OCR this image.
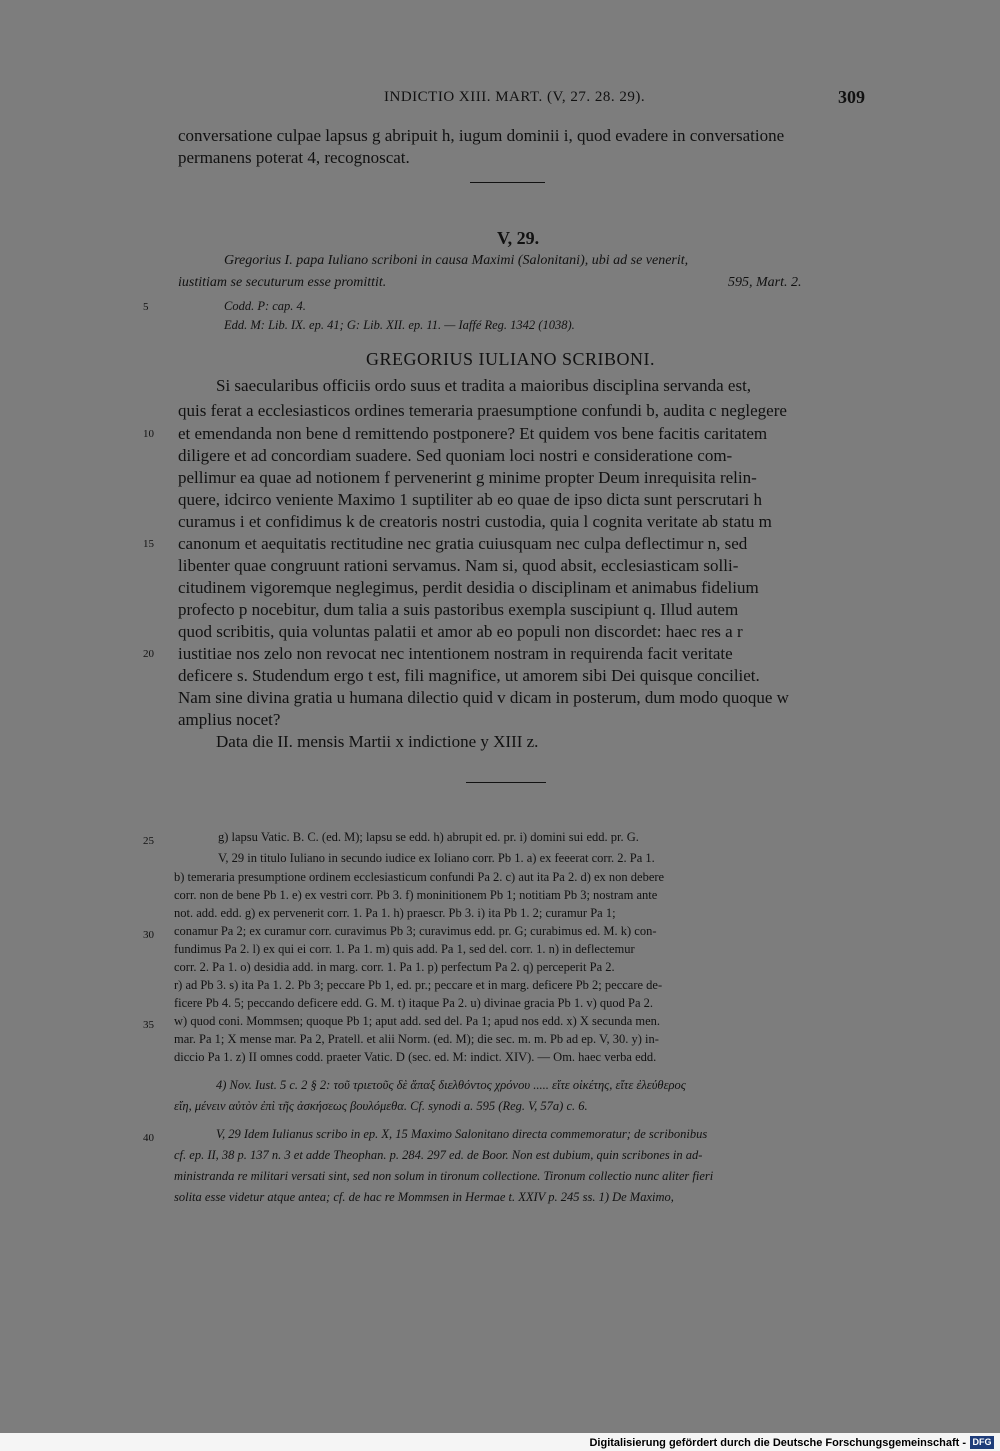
INDICTIO XIII. MART. (V, 27. 28. 29).	309
conversatione culpae lapsus g abripuit h, iugum dominii i, quod evadere in conversatione
permanens poterat 4, recognoscat.
V, 29.
Gregorius I. papa Iuliano scriboni in causa Maximi (Salonitani), ubi ad se venerit,
iustitiam se secuturum esse promittit.	595, Mart. 2.
5	Codd. P: cap. 4.
Edd. M: Lib. IX. ep. 41; G: Lib. XII. ep. 11. — Iaffé Reg. 1342 (1038).
GREGORIUS IULIANO SCRIBONI.
Si saecularibus officiis ordo suus et tradita a maioribus disciplina servanda est,
quis ferat a ecclesiasticos ordines temeraria praesumptione confundi b, audita c neglegere
10 et emendanda non bene d remittendo postponere? Et quidem vos bene facitis caritatem
diligere et ad concordiam suadere. Sed quoniam loci nostri e consideratione com-
pellimur ea quae ad notionem f pervenerint g minime propter Deum inrequisita relin-
quere, idcirco veniente Maximo 1 suptiliter ab eo quae de ipso dicta sunt perscrutari h
curamus i et confidimus k de creatoris nostri custodia, quia l cognita veritate ab statu m
15 canonum et aequitatis rectitudine nec gratia cuiusquam nec culpa deflectimur n, sed
libenter quae congruunt rationi servamus. Nam si, quod absit, ecclesiasticam solli-
citudinem vigoremque neglegimus, perdit desidia o disciplinam et animabus fidelium
profecto p nocebitur, dum talia a suis pastoribus exempla suscipiunt q. Illud autem
quod scribitis, quia voluntas palatii et amor ab eo populi non discordet: haec res a r
20 iustitiae nos zelo non revocat nec intentionem nostram in requirenda facit veritate
deficere s. Studendum ergo t est, fili magnifice, ut amorem sibi Dei quisque conciliet.
Nam sine divina gratia u humana dilectio quid v dicam in posterum, dum modo quoque w
amplius nocet?
Data die II. mensis Martii x indictione y XIII z.
25	g) lapsu Vatic. B. C. (ed. M); lapsu se edd. h) abrupit ed. pr. i) domini sui edd. pr. G.
V, 29 in titulo Iuliano in secundo iudice ex Ioliano corr. Pb 1. a) ex feeerat corr. 2. Pa 1.
b) temeraria presumptione ordinem ecclesiasticum confundi Pa 2. c) aut ita Pa 2. d) ex non debere
corr. non de bene Pb 1. e) ex vestri corr. Pb 3. f) moninitionem Pb 1; notitiam Pb 3; nostram ante
not. add. edd. g) ex pervenerit corr. 1. Pa 1. h) praescr. Pb 3. i) ita Pb 1. 2; curamur Pa 1;
30 conamur Pa 2; ex curamur corr. curavimus Pb 3; curavimus edd. pr. G; curabimus ed. M. k) con-
fundimus Pa 2. l) ex qui ei corr. 1. Pa 1. m) quis add. Pa 1, sed del. corr. 1. n) in deflectemur
corr. 2. Pa 1. o) desidia add. in marg. corr. 1. Pa 1. p) perfectum Pa 2. q) perceperit Pa 2.
r) ad Pb 3. s) ita Pa 1. 2. Pb 3; peccare Pb 1, ed. pr.; peccare et in marg. deficere Pb 2; peccare de-
ficere Pb 4. 5; peccando deficere edd. G. M. t) itaque Pa 2. u) divinae gracia Pb 1. v) quod Pa 2.
35 w) quod coni. Mommsen; quoque Pb 1; aput add. sed del. Pa 1; apud nos edd. x) X secunda men.
mar. Pa 1; X mense mar. Pa 2, Pratell. et alii Norm. (ed. M); die sec. m. m. Pb ad ep. V, 30. y) in-
diccio Pa 1. z) II omnes codd. praeter Vatic. D (sec. ed. M: indict. XIV). — Om. haec verba edd.
4) Nov. Iust. 5 c. 2 § 2: τοῦ τριετοῦς δὲ ἅπαξ διελθόντος χρόνου ..... εἴτε οἰκέτης, εἴτε ἐλεύθερος
εἴη, μένειν αὐτὸν ἐπὶ τῆς ἀσκήσεως βουλόμεθα. Cf. synodi a. 595 (Reg. V, 57a) c. 6.
40	V, 29 Idem Iulianus scribo in ep. X, 15 Maximo Salonitano directa commemoratur; de scribonibus
cf. ep. II, 38 p. 137 n. 3 et adde Theophan. p. 284. 297 ed. de Boor. Non est dubium, quin scribones in ad-
ministranda re militari versati sint, sed non solum in tironum collectione. Tironum collectio nunc aliter fieri
solita esse videtur atque antea; cf. de hac re Mommsen in Hermae t. XXIV p. 245 ss. 1) De Maximo,
Digitalisierung gefördert durch die Deutsche Forschungsgemeinschaft - DFG
